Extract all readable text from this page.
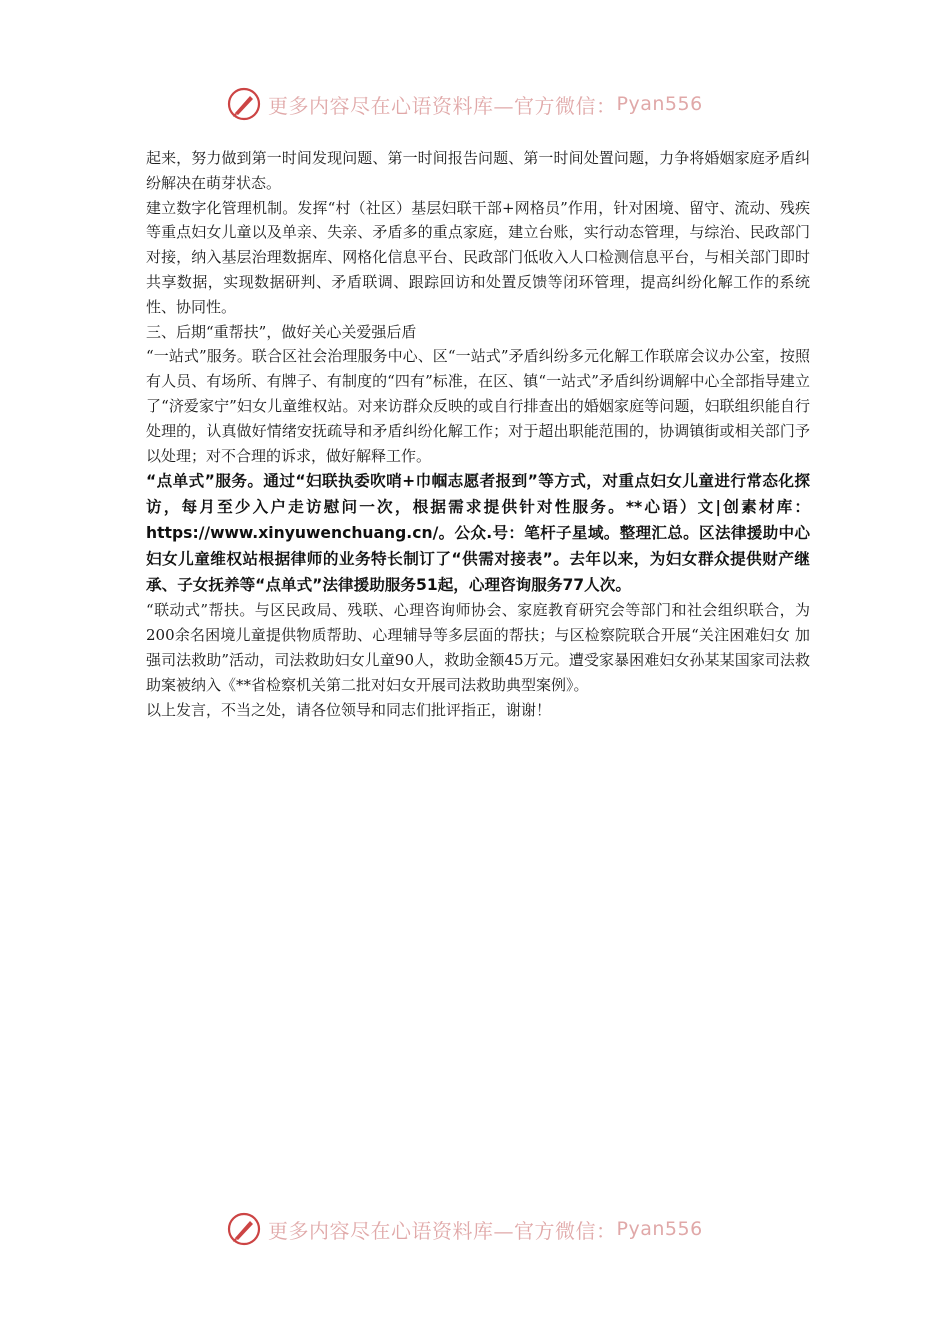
更多内容尽在心语资料库—官方微信： Pyan556

起来，努力做到第一时间发现问题、第一时间报告问题、第一时间处置问题，力争将婚姻家庭矛盾纠纷解决在萌芽状态。

建立数字化管理机制。发挥“村（社区）基层妇联干部+网格员”作用，针对困境、留守、流动、残疾等重点妇女儿童以及单亲、失亲、矛盾多的重点家庭，建立台账，实行动态管理，与综治、民政部门对接，纳入基层治理数据库、网格化信息平台、民政部门低收入人口检测信息平台，与相关部门即时共享数据，实现数据研判、矛盾联调、跟踪回访和处置反馈等闭环管理，提高纠纷化解工作的系统性、协同性。

三、后期“重帮扶”，做好关心关爱强后盾

“一站式”服务。联合区社会治理服务中心、区“一站式”矛盾纠纷多元化解工作联席会议办公室，按照有人员、有场所、有牌子、有制度的“四有”标准，在区、镇“一站式”矛盾纠纷调解中心全部指导建立了“济爱家宁”妇女儿童维权站。对来访群众反映的或自行排查出的婚姻家庭等问题，妇联组织能自行处理的，认真做好情绪安抚疏导和矛盾纠纷化解工作；对于超出职能范围的，协调镇街或相关部门予以处理；对不合理的诉求，做好解释工作。

“点单式”服务。通过“妇联执委吹哨+巾帼志愿者报到”等方式，对重点妇女儿童进行常态化探访，每月至少入户走访慰问一次，根据需求提供针对性服务。**心语）文|创素材库：https://www.xinyuwenchuang.cn/。公众.号：笔杆子星域。整理汇总。区法律援助中心妇女儿童维权站根据律师的业务特长制订了“供需对接表”。去年以来，为妇女群众提供财产继承、子女抚养等“点单式”法律援助服务51起，心理咨询服务77人次。

“联动式”帮扶。与区民政局、残联、心理咨询师协会、家庭教育研究会等部门和社会组织联合，为200余名困境儿童提供物质帮助、心理辅导等多层面的帮扶；与区检察院联合开展“关注困难妇女 加强司法救助”活动，司法救助妇女儿童90人，救助金额45万元。遭受家暴困难妇女孙某某国家司法救助案被纳入《**省检察机关第二批对妇女开展司法救助典型案例》。

以上发言，不当之处，请各位领导和同志们批评指正，谢谢！

更多内容尽在心语资料库—官方微信： Pyan556
